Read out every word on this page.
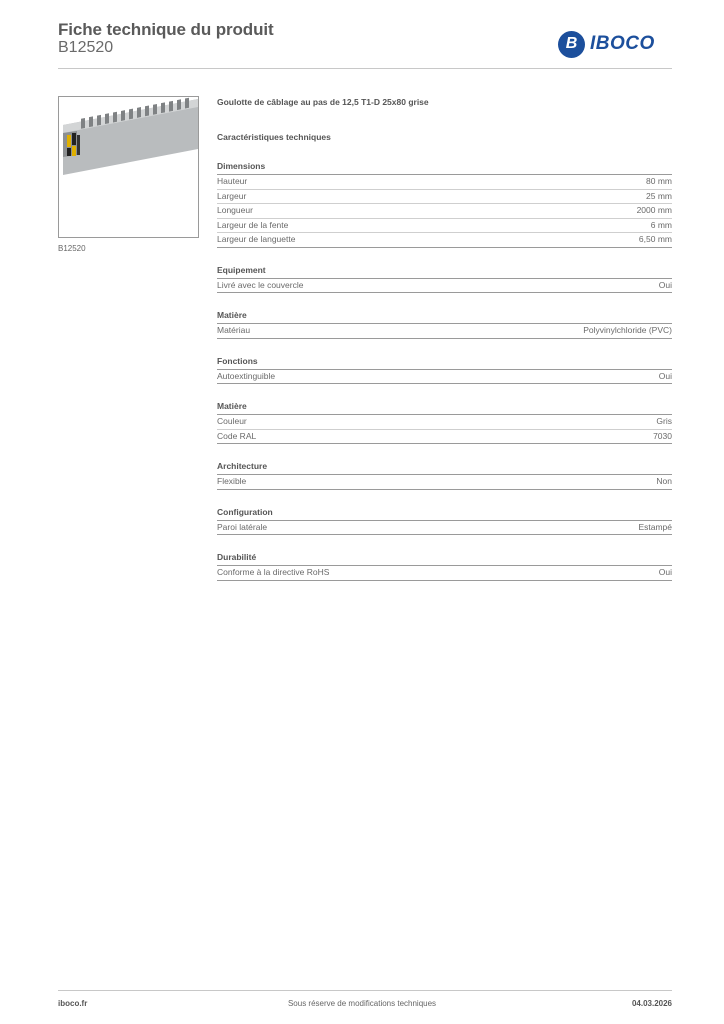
Fiche technique du produit
B12520	B IBOCO
B12520
Goulotte de câblage au pas de 12,5 T1-D 25x80 grise
Caractéristiques techniques
Dimensions
Hauteur	80 mm
Largeur	25 mm
Longueur	2000 mm
Largeur de la fente	6 mm
Largeur de languette	6,50 mm
Equipement
Livré avec le couvercle	Oui
Matière
Matériau	Polyvinylchloride (PVC)
Fonctions
Autoextinguible	Oui
Matière
Couleur	Gris
Code RAL	7030
Architecture
Flexible	Non
Configuration
Paroi latérale	Estampé
Durabilité
Conforme à la directive RoHS	Oui
iboco.fr	Sous réserve de modifications techniques	04.03.2026
